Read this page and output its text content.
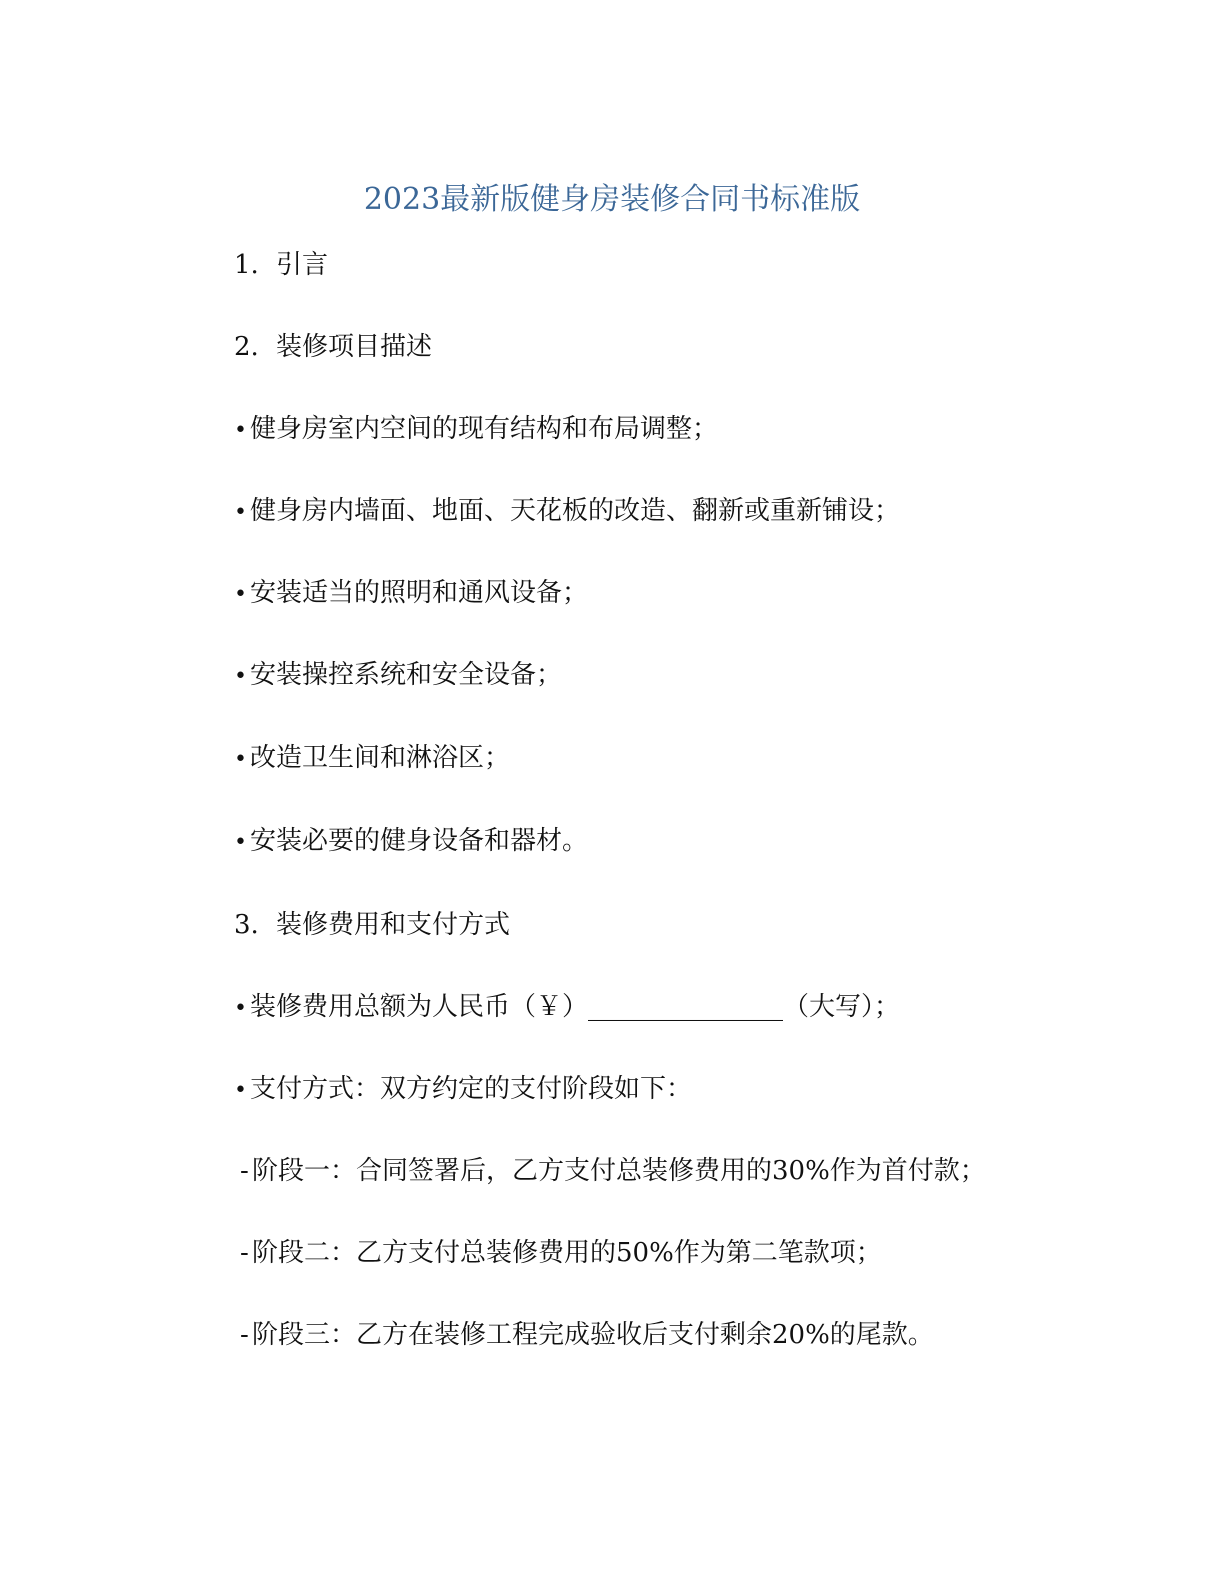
2023最新版健身房装修合同书标准版
1. 引言
2. 装修项目描述
• 健身房室内空间的现有结构和布局调整；
• 健身房内墙面、地面、天花板的改造、翻新或重新铺设；
• 安装适当的照明和通风设备；
• 安装操控系统和安全设备；
• 改造卫生间和淋浴区；
• 安装必要的健身设备和器材。
3. 装修费用和支付方式
• 装修费用总额为人民币（￥）_______________（大写）；
• 支付方式：双方约定的支付阶段如下：
- 阶段一：合同签署后，乙方支付总装修费用的30%作为首付款；
- 阶段二：乙方支付总装修费用的50%作为第二笔款项；
- 阶段三：乙方在装修工程完成验收后支付剩余20%的尾款。
